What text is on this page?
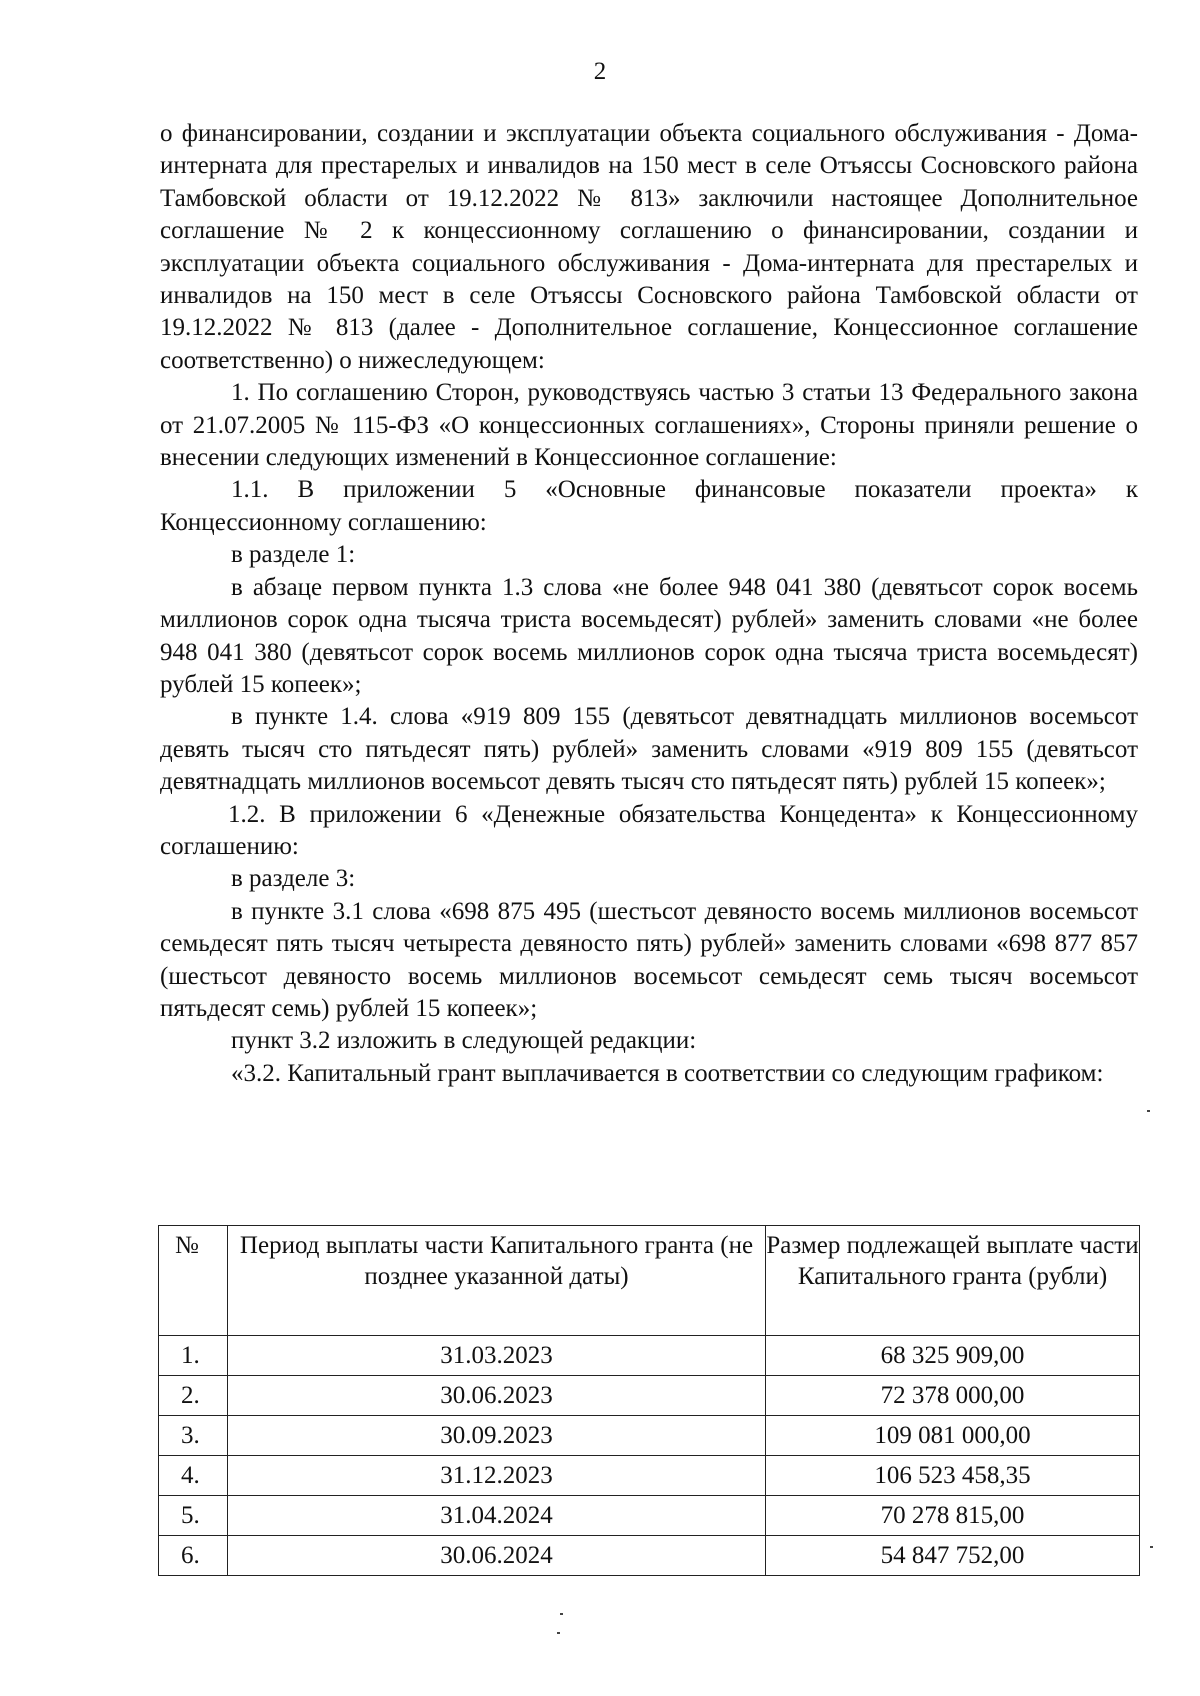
2

о финансировании, создании и эксплуатации объекта социального обслуживания - Дома-интерната для престарелых и инвалидов на 150 мест в селе Отъяссы Сосновского района Тамбовской области от 19.12.2022 № 813» заключили настоящее Дополнительное соглашение № 2 к концессионному соглашению о финансировании, создании и эксплуатации объекта социального обслуживания - Дома-интерната для престарелых и инвалидов на 150 мест в селе Отъяссы Сосновского района Тамбовской области от 19.12.2022 № 813 (далее - Дополнительное соглашение, Концессионное соглашение соответственно) о нижеследующем:

1. По соглашению Сторон, руководствуясь частью 3 статьи 13 Федерального закона от 21.07.2005 № 115-ФЗ «О концессионных соглашениях», Стороны приняли решение о внесении следующих изменений в Концессионное соглашение:

1.1. В приложении 5 «Основные финансовые показатели проекта» к Концессионному соглашению:

в разделе 1:

в абзаце первом пункта 1.3 слова «не более 948 041 380 (девятьсот сорок восемь миллионов сорок одна тысяча триста восемьдесят) рублей» заменить словами «не более 948 041 380 (девятьсот сорок восемь миллионов сорок одна тысяча триста восемьдесят) рублей 15 копеек»;

в пункте 1.4. слова «919 809 155 (девятьсот девятнадцать миллионов восемьсот девять тысяч сто пятьдесят пять) рублей» заменить словами «919 809 155 (девятьсот девятнадцать миллионов восемьсот девять тысяч сто пятьдесят пять) рублей 15 копеек»;

1.2. В приложении 6 «Денежные обязательства Концедента» к Концессионному соглашению:

в разделе 3:

в пункте 3.1 слова «698 875 495 (шестьсот девяносто восемь миллионов восемьсот семьдесят пять тысяч четыреста девяносто пять) рублей» заменить словами «698 877 857 (шестьсот девяносто восемь миллионов восемьсот семьдесят семь тысяч восемьсот пятьдесят семь) рублей 15 копеек»;

пункт 3.2 изложить в следующей редакции:

«3.2. Капитальный грант выплачивается в соответствии со следующим графиком:

№	Период выплаты части Капитального гранта (не позднее указанной даты)	Размер подлежащей выплате части Капитального гранта (рубли)
1.	31.03.2023	68 325 909,00
2.	30.06.2023	72 378 000,00
3.	30.09.2023	109 081 000,00
4.	31.12.2023	106 523 458,35
5.	31.04.2024	70 278 815,00
6.	30.06.2024	54 847 752,00
